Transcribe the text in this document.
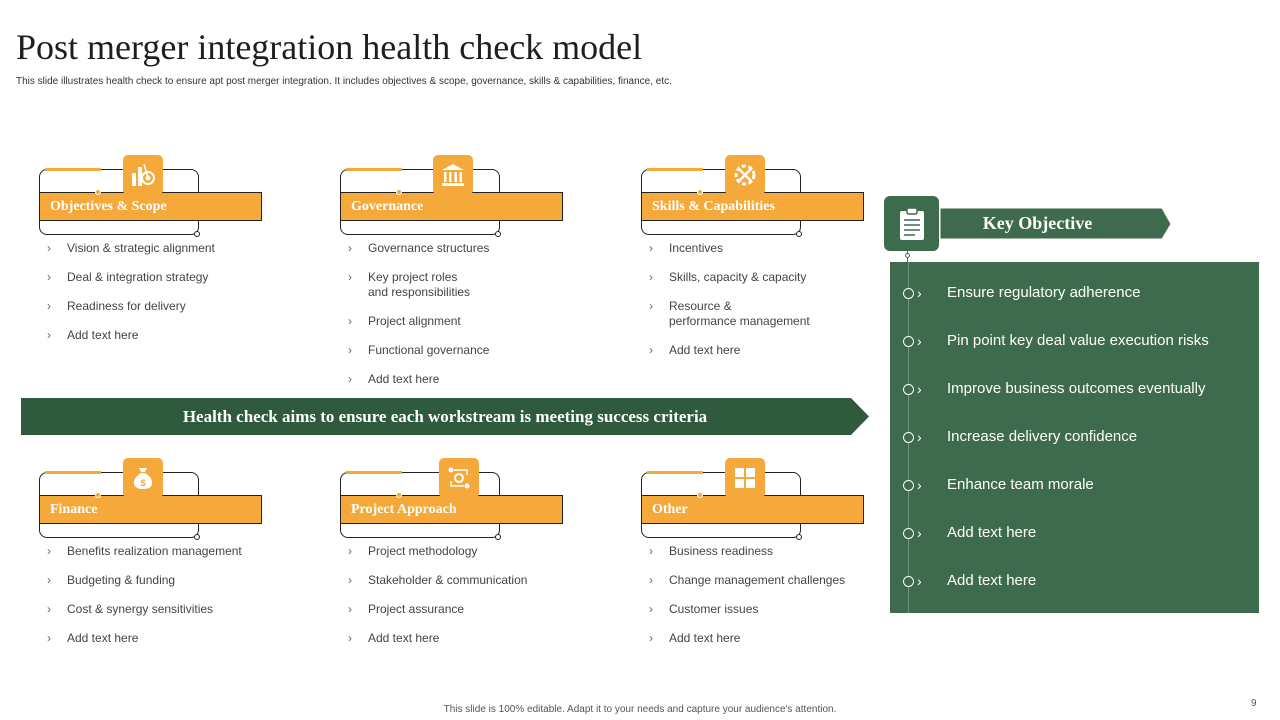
Post merger integration health check model
This slide illustrates health check to ensure apt post merger integration. It includes objectives & scope, governance, skills & capabilities, finance, etc.
Objectives & Scope
› Vision & strategic alignment
› Deal & integration strategy
› Readiness for delivery
› Add text here
Governance
› Governance structures
› Key project roles
and responsibilities
› Project alignment
› Functional governance
› Add text here
Skills & Capabilities
› Incentives
› Skills, capacity & capacity
› Resource &
performance management
› Add text here
Health check aims to ensure each workstream is meeting success criteria
Finance
$
› Benefits realization management
› Budgeting & funding
› Cost & synergy sensitivities
› Add text here
Project Approach
› Project methodology
› Stakeholder & communication
› Project assurance
› Add text here
Other
› Business readiness
› Change management challenges
› Customer issues
› Add text here
Key Objective
› Ensure regulatory adherence
› Pin point key deal value execution risks
› Improve business outcomes eventually
› Increase delivery confidence
› Enhance team morale
› Add text here
› Add text here
This slide is 100% editable. Adapt it to your needs and capture your audience's attention.
9
